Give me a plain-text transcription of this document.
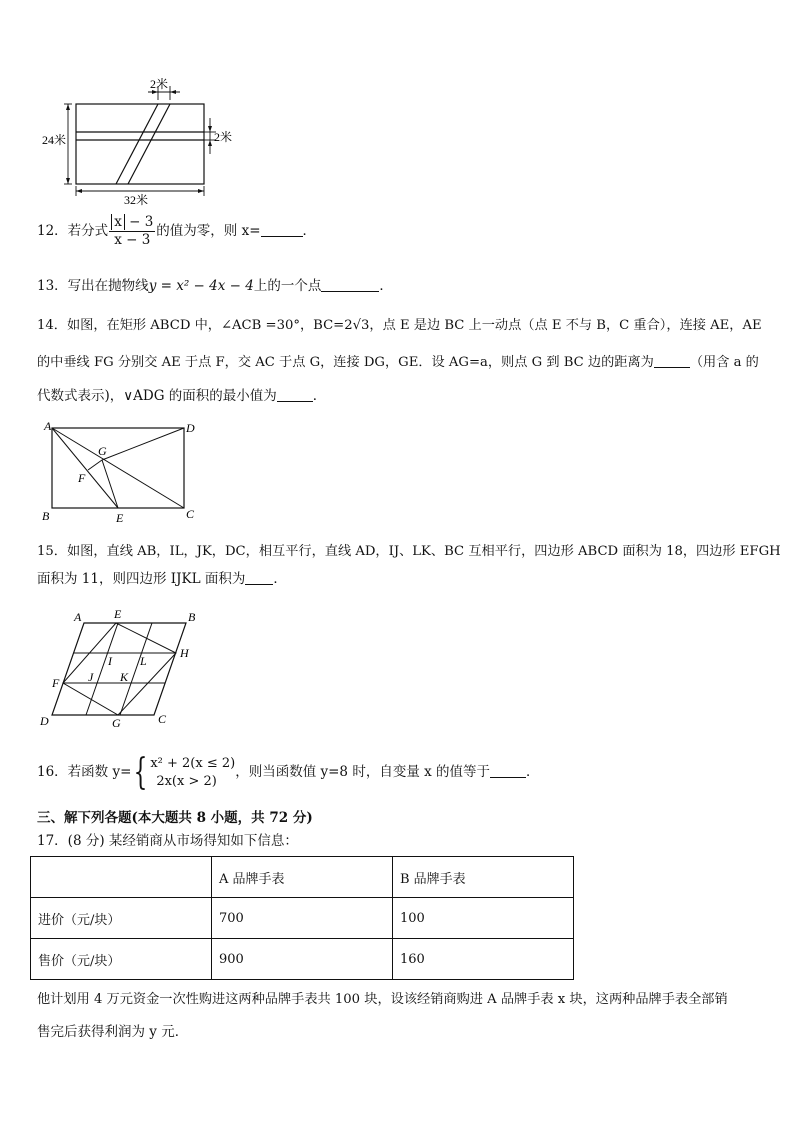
2米
2米
24米
32米
12．若分式 $\frac{x - 3}{x - 3}$ 的值为零，则 x=	．
13．写出在抛物线y = x² − 4x − 4上的一个点	．
14．如图，在矩形 ABCD 中，∠ACB =30°，BC=2√3，点 E 是边 BC 上一动点（点 E 不与 B，C 重合），连接 AE，AE
的中垂线 FG 分别交 AE 于点 F，交 AC 于点 G，连接 DG，GE．设 AG=a，则点 G 到 BC 边的距离为	（用含 a 的
代数式表示)，∨ADG 的面积的最小值为	．
A	D
G
F
B	E	C
15．如图，直线 AB，IL，JK，DC，相互平行，直线 AD，IJ、LK、BC 互相平行，四边形 ABCD 面积为 18，四边形 EFGH
面积为 11，则四边形 IJKL 面积为 ．
A	E	B
H
I L
F J K
D	G	C
16．若函数 y={ x² + 2(x ≤ 2)
2x(x > 2)
，则当函数值 y=8 时，自变量 x 的值等于	．
三、解下列各题(本大题共 8 小题，共 72 分)
17．(8 分) 某经销商从市场得知如下信息：
	A 品牌手表	B 品牌手表
进价（元/块）	700	100
售价（元/块）	900	160
他计划用 4 万元资金一次性购进这两种品牌手表共 100 块，设该经销商购进 A 品牌手表 x 块，这两种品牌手表全部销
售完后获得利润为 y 元．
